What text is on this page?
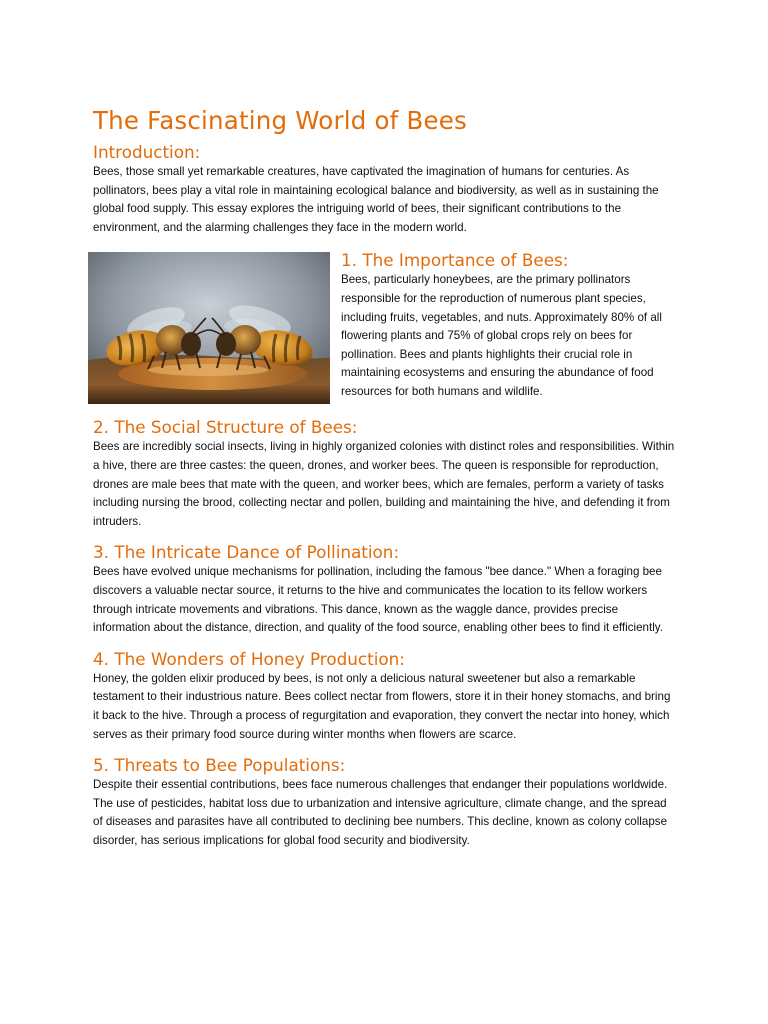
The Fascinating World of Bees
Introduction:

Bees, those small yet remarkable creatures, have captivated the imagination of humans for centuries. As pollinators, bees play a vital role in maintaining ecological balance and biodiversity, as well as in sustaining the global food supply. This essay explores the intriguing world of bees, their significant contributions to the environment, and the alarming challenges they face in the modern world.

1. The Importance of Bees:

Bees, particularly honeybees, are the primary pollinators responsible for the reproduction of numerous plant species, including fruits, vegetables, and nuts. Approximately 80% of all flowering plants and 75% of global crops rely on bees for pollination. Bees and plants highlights their crucial role in maintaining ecosystems and ensuring the abundance of food resources for both humans and wildlife.

2. The Social Structure of Bees:

Bees are incredibly social insects, living in highly organized colonies with distinct roles and responsibilities. Within a hive, there are three castes: the queen, drones, and worker bees. The queen is responsible for reproduction, drones are male bees that mate with the queen, and worker bees, which are females, perform a variety of tasks including nursing the brood, collecting nectar and pollen, building and maintaining the hive, and defending it from intruders.

3. The Intricate Dance of Pollination:

Bees have evolved unique mechanisms for pollination, including the famous "bee dance." When a foraging bee discovers a valuable nectar source, it returns to the hive and communicates the location to its fellow workers through intricate movements and vibrations. This dance, known as the waggle dance, provides precise information about the distance, direction, and quality of the food source, enabling other bees to find it efficiently.

4. The Wonders of Honey Production:

Honey, the golden elixir produced by bees, is not only a delicious natural sweetener but also a remarkable testament to their industrious nature. Bees collect nectar from flowers, store it in their honey stomachs, and bring it back to the hive. Through a process of regurgitation and evaporation, they convert the nectar into honey, which serves as their primary food source during winter months when flowers are scarce.

5. Threats to Bee Populations:

Despite their essential contributions, bees face numerous challenges that endanger their populations worldwide. The use of pesticides, habitat loss due to urbanization and intensive agriculture, climate change, and the spread of diseases and parasites have all contributed to declining bee numbers. This decline, known as colony collapse disorder, has serious implications for global food security and biodiversity.
